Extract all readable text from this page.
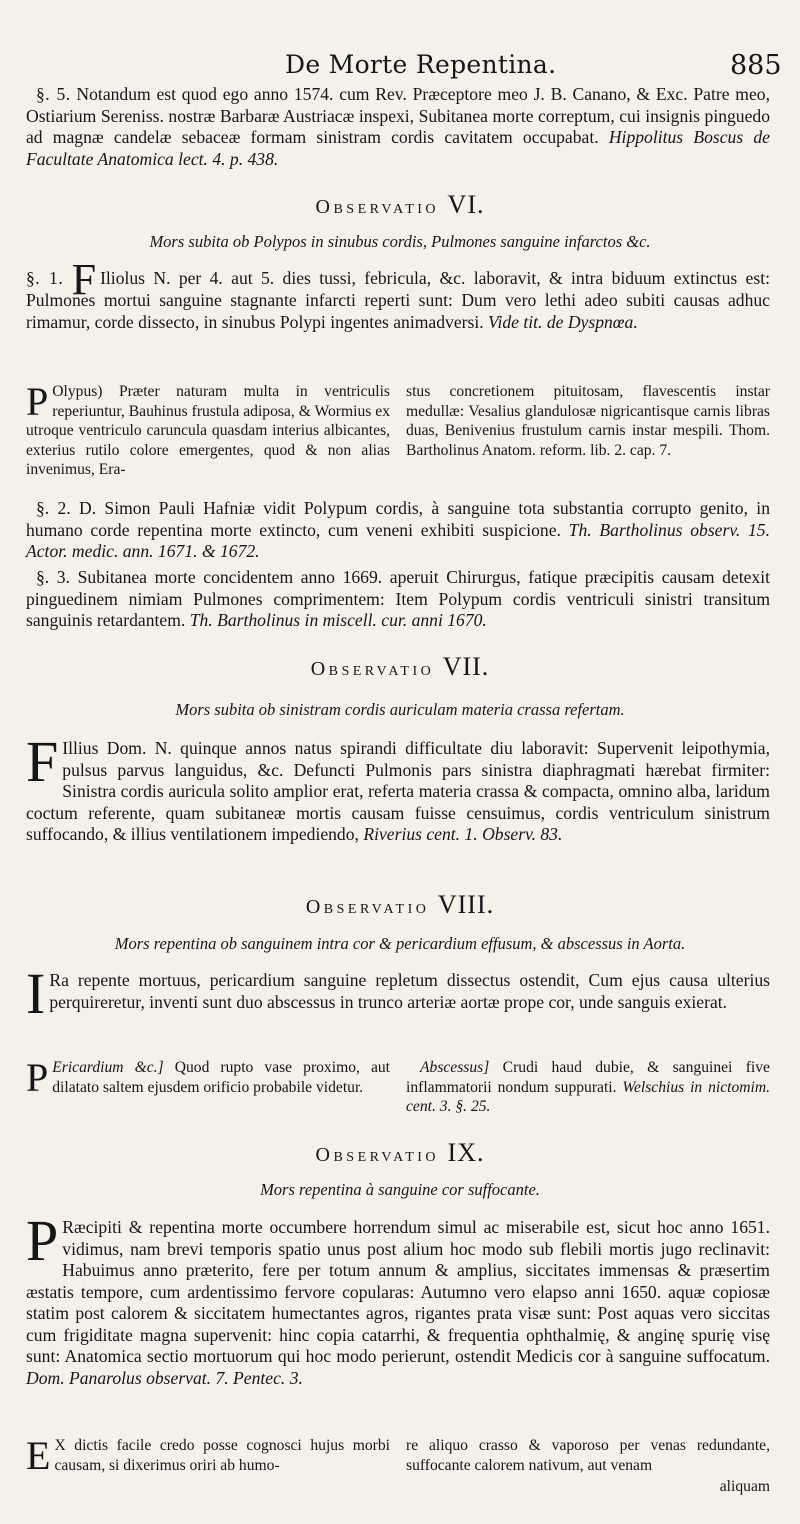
De Morte Repentina.	885

§. 5. Notandum est quod ego anno 1574. cum Rev. Præceptore meo J. B. Canano, & Exc. Patre meo, Ostiarium Sereniss. nostræ Barbaræ Austriacæ inspexi, Subitanea morte correptum, cui insignis pinguedo ad magnæ candelæ sebaceæ formam sinistram cordis cavitatem occupabat. Hippolitus Boscus de Facultate Anatomica lect. 4. p. 438.

Observatio VI.
Mors subita ob Polypos in sinubus cordis, Pulmones sanguine infarctos &c.

§. 1. F Iliolus N. per 4. aut 5. dies tussi, febricula, &c. laboravit, & intra biduum extinctus est: Pulmones mortui sanguine stagnante infarcti reperti sunt: Dum vero lethi adeo subiti causas adhuc rimamur, corde dissecto, in sinubus Polypi ingentes animadversi. Vide tit. de Dyspnœa.

P Olypus) Præter naturam multa in ventriculis reperiuntur, Bauhinus frustula adiposa, & Wormius ex utroque ventriculo caruncula quasdam interius albicantes, exterius rutilo colore emergentes, quod & non alias invenimus, Era-

stus concretionem pituitosam, flavescentis instar medullæ: Vesalius glandulosæ nigricantisque carnis libras duas, Benivenius frustulum carnis instar mespili. Thom. Bartholinus Anatom. reform. lib. 2. cap. 7.

§. 2. D. Simon Pauli Hafniæ vidit Polypum cordis, à sanguine tota substantia corrupto genito, in humano corde repentina morte extincto, cum veneni exhibiti suspicione. Th. Bartholinus observ. 15. Actor. medic. ann. 1671. & 1672.

§. 3. Subitanea morte concidentem anno 1669. aperuit Chirurgus, fatique præcipitis causam detexit pinguedinem nimiam Pulmones comprimentem: Item Polypum cordis ventriculi sinistri transitum sanguinis retardantem. Th. Bartholinus in miscell. cur. anni 1670.

Observatio VII.
Mors subita ob sinistram cordis auriculam materia crassa refertam.

F Illius Dom. N. quinque annos natus spirandi difficultate diu laboravit: Supervenit leipothymia, pulsus parvus languidus, &c. Defuncti Pulmonis pars sinistra diaphragmati hærebat firmiter: Sinistra cordis auricula solito amplior erat, referta materia crassa & compacta, omnino alba, laridum coctum referente, quam subitaneæ mortis causam fuisse censuimus, cordis ventriculum sinistrum suffocando, & illius ventilationem impediendo, Riverius cent. 1. Observ. 83.

Observatio VIII.
Mors repentina ob sanguinem intra cor & pericardium effusum, & abscessus in Aorta.

I Ra repente mortuus, pericardium sanguine repletum dissectus ostendit, Cum ejus causa ulterius perquireretur, inventi sunt duo abscessus in trunco arteriæ aortæ prope cor, unde sanguis exierat.

P Ericardium &c.] Quod rupto vase proximo, aut dilatato saltem ejusdem orificio probabile videtur.

Abscessus] Crudi haud dubie, & sanguinei five inflammatorii nondum suppurati. Welschius in nictomim. cent. 3. §. 25.

Observatio IX.
Mors repentina à sanguine cor suffocante.

P Ræcipiti & repentina morte occumbere horrendum simul ac miserabile est, sicut hoc anno 1651. vidimus, nam brevi temporis spatio unus post alium hoc modo sub flebili mortis jugo reclinavit: Habuimus anno præterito, fere per totum annum & amplius, siccitates immensas & præsertim æstatis tempore, cum ardentissimo fervore copularas: Autumno vero elapso anni 1650. aquæ copiosæ statim post calorem & siccitatem humectantes agros, rigantes prata visæ sunt: Post aquas vero siccitas cum frigiditate magna supervenit: hinc copia catarrhi, & frequentia ophthalmię, & anginę spurię visę sunt: Anatomica sectio mortuorum qui hoc modo perierunt, ostendit Medicis cor à sanguine suffocatum. Dom. Panarolus observat. 7. Pentec. 3.

E X dictis facile credo posse cognosci hujus morbi causam, si dixerimus oriri ab humo-

re aliquo crasso & vaporoso per venas redundante, suffocante calorem nativum, aut venam

aliquam
